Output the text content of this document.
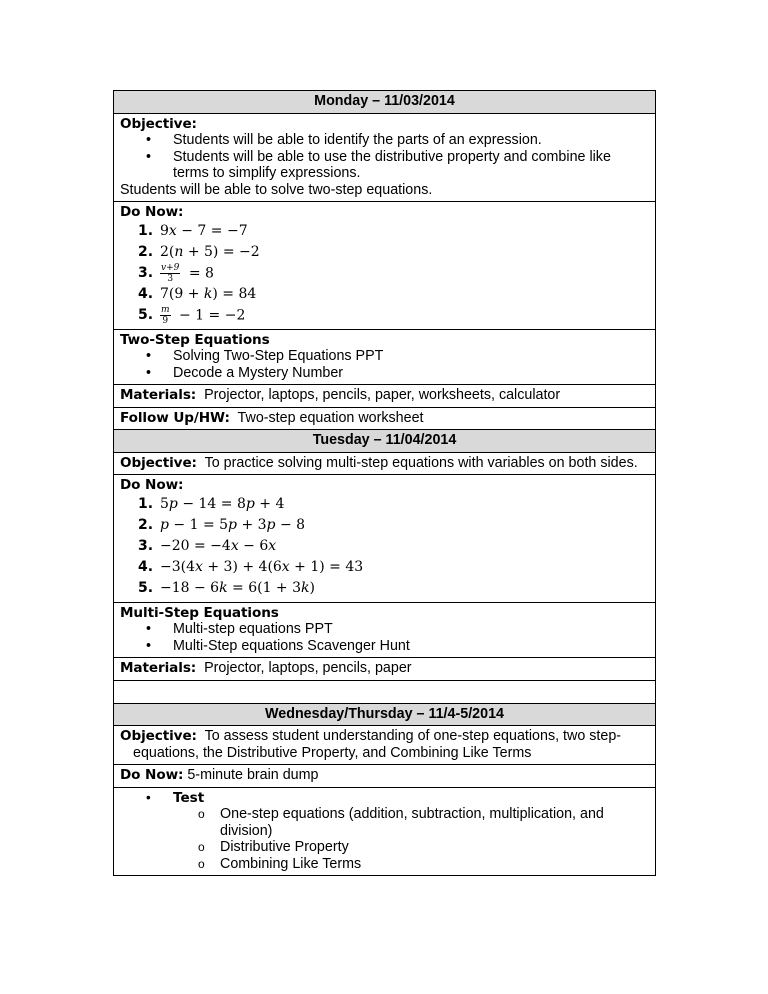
Monday – 11/03/2014

Objective:
• Students will be able to identify the parts of an expression.
• Students will be able to use the distributive property and combine like terms to simplify expressions.
Students will be able to solve two-step equations.

Do Now:
1. 9𝑥 − 7 = −7
2. 2(𝑛 + 5) = −2
3. $\frac{\text{𝑣+9}}{3} = 8$
4. 7(9 + 𝑘) = 84
5. $\frac{\text{𝑚}}{9} - 1 = -2$

Two-Step Equations
• Solving Two-Step Equations PPT
• Decode a Mystery Number

Materials: Projector, laptops, pencils, paper, worksheets, calculator
Follow Up/HW: Two-step equation worksheet
Tuesday – 11/04/2014
Objective: To practice solving multi-step equations with variables on both sides.

Do Now:
1. 5𝑝 − 14 = 8𝑝 + 4
2. 𝑝 − 1 = 5𝑝 + 3𝑝 − 8
3. −20 = −4𝑥 − 6𝑥
4. −3(4𝑥 + 3) + 4(6𝑥 + 1) = 43
5. −18 − 6𝑘 = 6(1 + 3𝑘)

Multi-Step Equations
• Multi-step equations PPT
• Multi-Step equations Scavenger Hunt

Materials: Projector, laptops, pencils, paper

Wednesday/Thursday – 11/4-5/2014

Objective: To assess student understanding of one-step equations, two step-equations, the Distributive Property, and Combining Like Terms

Do Now: 5-minute brain dump

• Test
o One-step equations (addition, subtraction, multiplication, and division)
o Distributive Property
o Combining Like Terms
